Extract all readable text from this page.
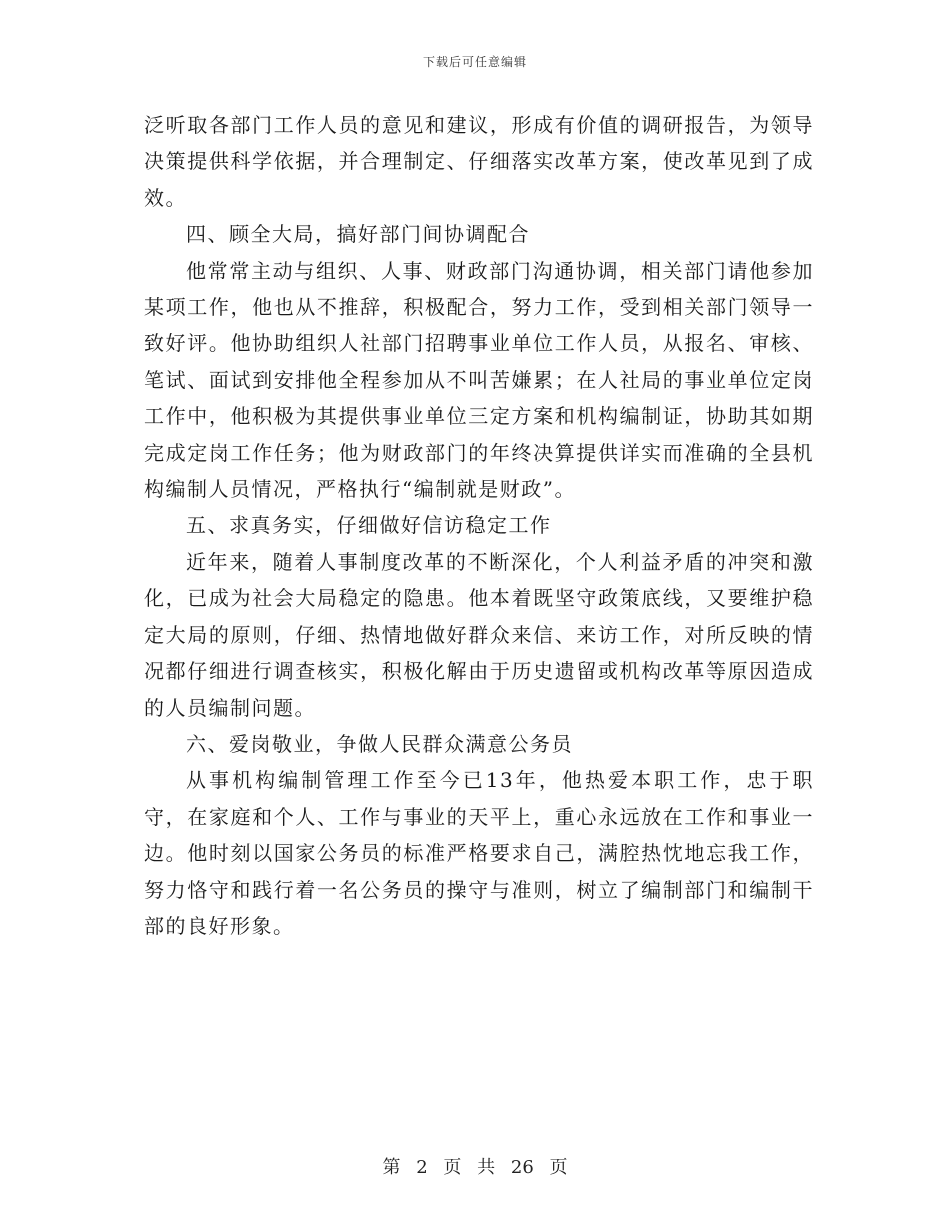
下载后可任意编辑

泛听取各部门工作人员的意见和建议，形成有价值的调研报告，为领导决策提供科学依据，并合理制定、仔细落实改革方案，使改革见到了成效。

四、顾全大局，搞好部门间协调配合

他常常主动与组织、人事、财政部门沟通协调，相关部门请他参加某项工作，他也从不推辞，积极配合，努力工作，受到相关部门领导一致好评。他协助组织人社部门招聘事业单位工作人员，从报名、审核、笔试、面试到安排他全程参加从不叫苦嫌累；在人社局的事业单位定岗工作中，他积极为其提供事业单位三定方案和机构编制证，协助其如期完成定岗工作任务；他为财政部门的年终决算提供详实而准确的全县机构编制人员情况，严格执行“编制就是财政”。

五、求真务实，仔细做好信访稳定工作

近年来，随着人事制度改革的不断深化，个人利益矛盾的冲突和激化，已成为社会大局稳定的隐患。他本着既坚守政策底线，又要维护稳定大局的原则，仔细、热情地做好群众来信、来访工作，对所反映的情况都仔细进行调查核实，积极化解由于历史遗留或机构改革等原因造成的人员编制问题。

六、爱岗敬业，争做人民群众满意公务员

从事机构编制管理工作至今已13年，他热爱本职工作，忠于职守，在家庭和个人、工作与事业的天平上，重心永远放在工作和事业一边。他时刻以国家公务员的标准严格要求自己，满腔热忱地忘我工作，努力恪守和践行着一名公务员的操守与准则，树立了编制部门和编制干部的良好形象。

第 2 页 共 26 页
